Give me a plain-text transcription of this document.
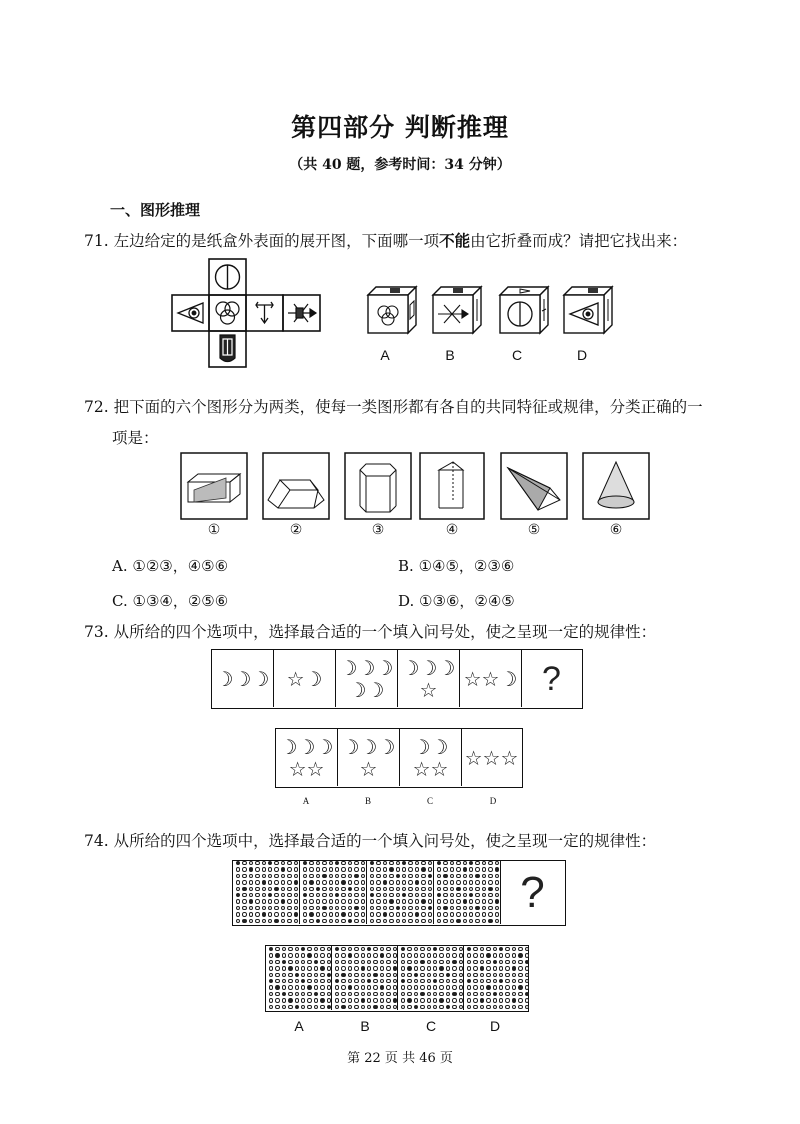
第四部分 判断推理
（共 40 题，参考时间：34 分钟）
一、图形推理
71. 左边给定的是纸盒外表面的展开图，下面哪一项不能由它折叠而成？请把它找出来：
A	B	C	D
72. 把下面的六个图形分为两类，使每一类图形都有各自的共同特征或规律，分类正确的一
项是：
①	②	③	④	⑤	⑥
A. ①②③，④⑤⑥	B. ①④⑤，②③⑥
C. ①③④，②⑤⑥	D. ①③⑥，②④⑤
73. 从所给的四个选项中，选择最合适的一个填入问号处，使之呈现一定的规律性：
☽☽☽ ☆☽ ☽☽☽
☽☽
☽☽☽
☆ ☆☆☽ ?
☽☽☽
☆☆
☽☽☽
☆
☽☽
☆☆ ☆☆☆
A	B	C	D
74. 从所给的四个选项中，选择最合适的一个填入问号处，使之呈现一定的规律性：
?
A	B	C	D
第 22 页 共 46 页
